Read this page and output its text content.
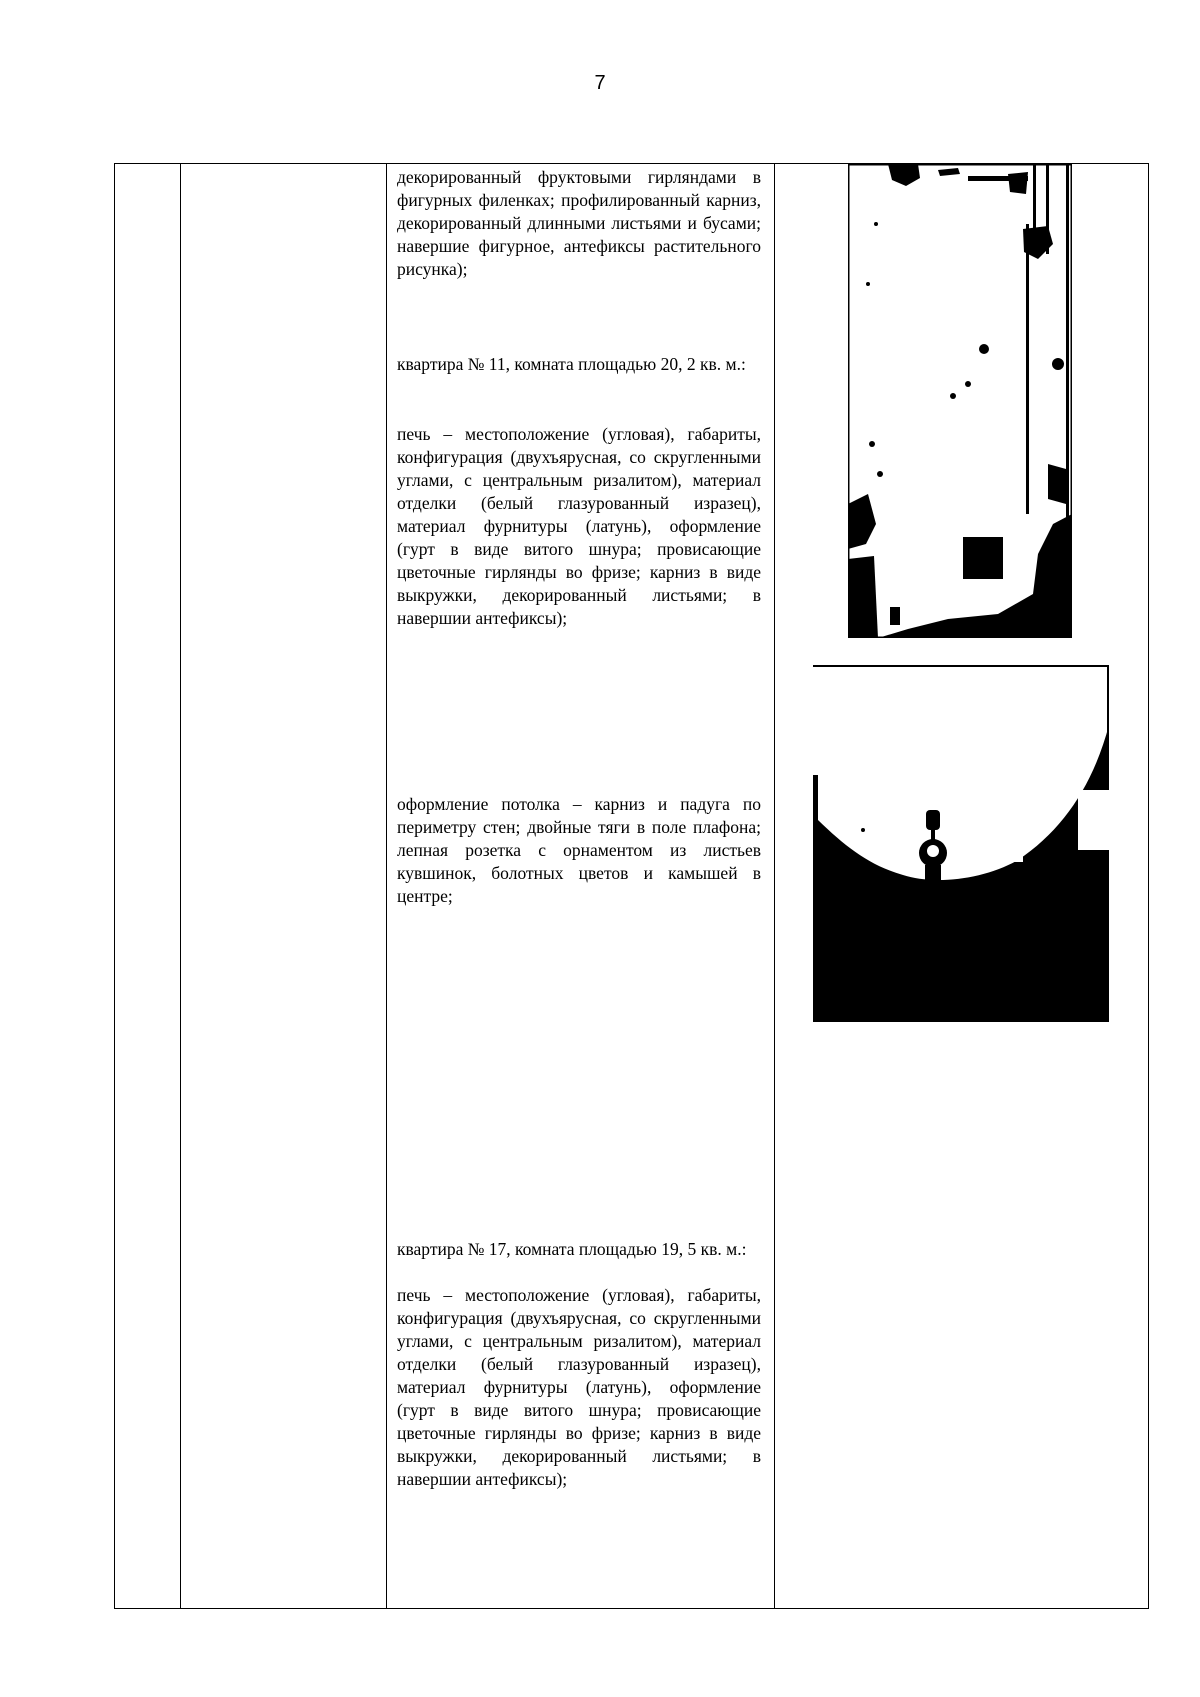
7

декорированный фруктовыми гирляндами в фигурных филенках; профилированный карниз, декорированный длинными листьями и бусами; навершие фигурное, антефиксы растительного рисунка);
квартира № 11, комната площадью 20, 2 кв. м.:
печь – местоположение (угловая), габариты, конфигурация (двухъярусная, со скругленными углами, с центральным ризалитом), материал отделки (белый глазурованный изразец), материал фурнитуры (латунь), оформление (гурт в виде витого шнура; провисающие цветочные гирлянды во фризе; карниз в виде выкружки, декорированный листьями; в навершии антефиксы);
оформление потолка – карниз и падуга по периметру стен; двойные тяги в поле плафона; лепная розетка с орнаментом из листьев кувшинок, болотных цветов и камышей в центре;
квартира № 17, комната площадью 19, 5 кв. м.:
печь – местоположение (угловая), габариты, конфигурация (двухъярусная, со скругленными углами, с центральным ризалитом), материал отделки (белый глазурованный изразец), материал фурнитуры (латунь), оформление (гурт в виде витого шнура; провисающие цветочные гирлянды во фризе; карниз в виде выкружки, декорированный листьями; в навершии антефиксы);
